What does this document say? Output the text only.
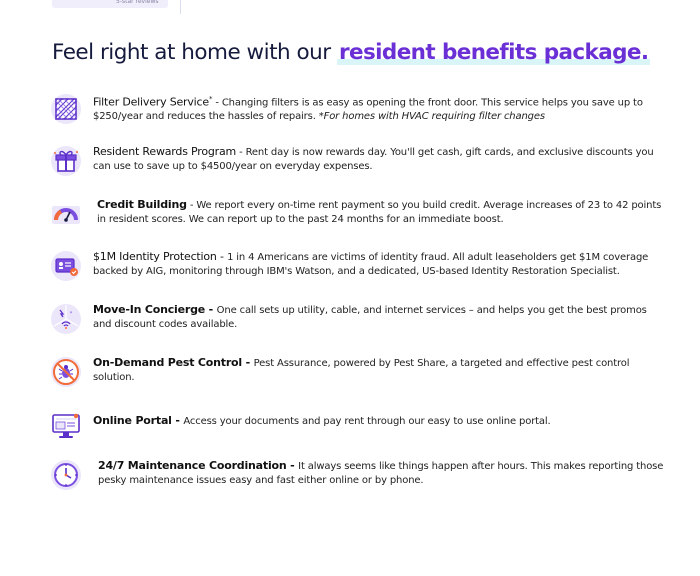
5-star reviews
Feel right at home with our resident benefits package.
Filter Delivery Service* - Changing filters is as easy as opening the front door. This service helps you save up to $250/year and reduces the hassles of repairs. *For homes with HVAC requiring filter changes
Resident Rewards Program - Rent day is now rewards day. You'll get cash, gift cards, and exclusive discounts you can use to save up to $4500/year on everyday expenses.
Credit Building - We report every on-time rent payment so you build credit. Average increases of 23 to 42 points in resident scores. We can report up to the past 24 months for an immediate boost.
$1M Identity Protection - 1 in 4 Americans are victims of identity fraud. All adult leaseholders get $1M coverage backed by AIG, monitoring through IBM's Watson, and a dedicated, US-based Identity Restoration Specialist.
Move-In Concierge - One call sets up utility, cable, and internet services – and helps you get the best promos and discount codes available.
On-Demand Pest Control - Pest Assurance, powered by Pest Share, a targeted and effective pest control solution.
Online Portal - Access your documents and pay rent through our easy to use online portal.
24/7 Maintenance Coordination - It always seems like things happen after hours. This makes reporting those pesky maintenance issues easy and fast either online or by phone.
